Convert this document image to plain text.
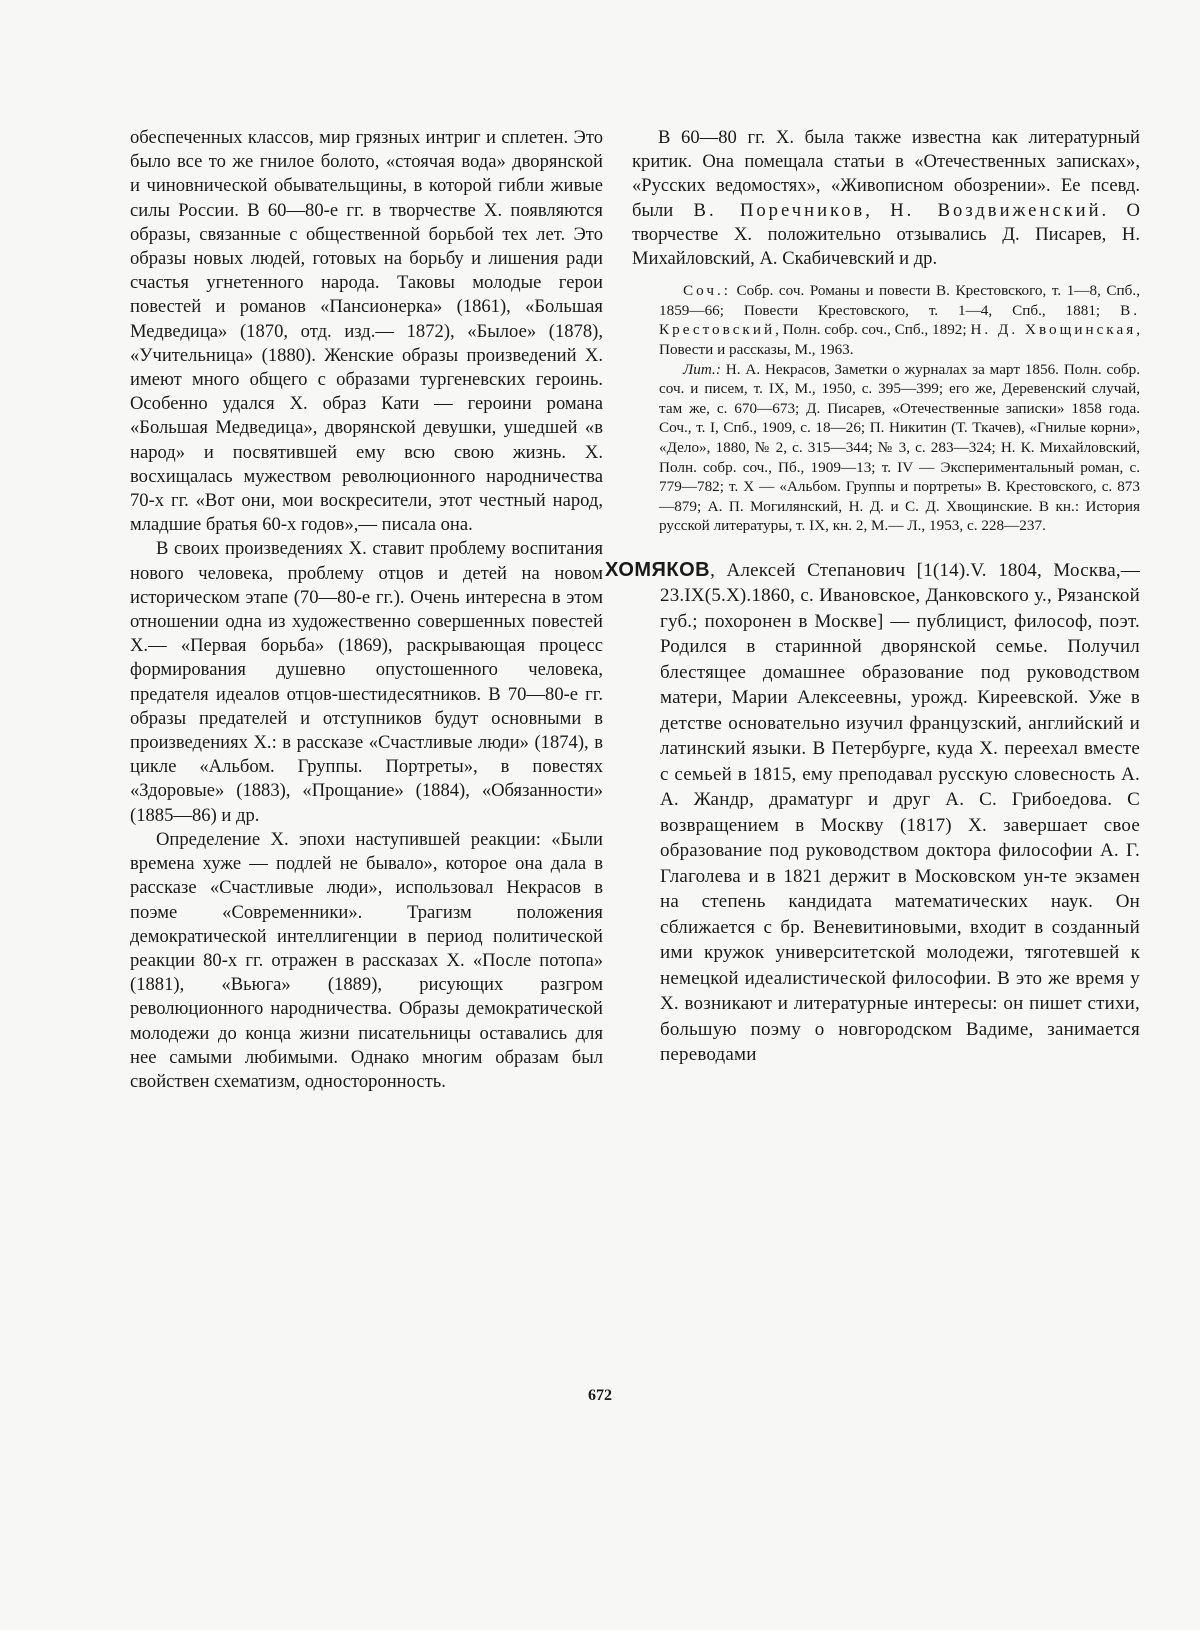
обеспеченных классов, мир грязных интриг и сплетен. Это было все то же гнилое болото, «стоячая вода» дворянской и чиновнической обывательщины, в которой гибли живые силы России. В 60—80-е гг. в творчестве Х. появляются образы, связанные с общественной борьбой тех лет. Это образы новых людей, готовых на борьбу и лишения ради счастья угнетенного народа. Таковы молодые герои повестей и романов «Пансионерка» (1861), «Большая Медведица» (1870, отд. изд.— 1872), «Былое» (1878), «Учительница» (1880). Женские образы произведений Х. имеют много общего с образами тургеневских героинь. Особенно удался Х. образ Кати — героини романа «Большая Медведица», дворянской девушки, ушедшей «в народ» и посвятившей ему всю свою жизнь. Х. восхищалась мужеством революционного народничества 70-х гг. «Вот они, мои воскресители, этот честный народ, младшие братья 60-х годов»,— писала она.

В своих произведениях Х. ставит проблему воспитания нового человека, проблему отцов и детей на новом историческом этапе (70—80-е гг.). Очень интересна в этом отношении одна из художественно совершенных повестей Х.— «Первая борьба» (1869), раскрывающая процесс формирования душевно опустошенного человека, предателя идеалов отцов-шестидесятников. В 70—80-е гг. образы предателей и отступников будут основными в произведениях Х.: в рассказе «Счастливые люди» (1874), в цикле «Альбом. Группы. Портреты», в повестях «Здоровые» (1883), «Прощание» (1884), «Обязанности» (1885—86) и др.

Определение Х. эпохи наступившей реакции: «Были времена хуже — подлей не бывало», которое она дала в рассказе «Счастливые люди», использовал Некрасов в поэме «Современники». Трагизм положения демократической интеллигенции в период политической реакции 80-х гг. отражен в рассказах Х. «После потопа» (1881), «Вьюга» (1889), рисующих разгром революционного народничества. Образы демократической молодежи до конца жизни писательницы оставались для нее самыми любимыми. Однако многим образам был свойствен схематизм, односторонность.

В 60—80 гг. Х. была также известна как литературный критик. Она помещала статьи в «Отечественных записках», «Русских ведомостях», «Живописном обозрении». Ее псевд. были В. Поречников, Н. Воздвиженский. О творчестве Х. положительно отзывались Д. Писарев, Н. Михайловский, А. Скабичевский и др.

Соч.: Собр. соч. Романы и повести В. Крестовского, т. 1—8, Спб., 1859—66; Повести Крестовского, т. 1—4, Спб., 1881; В. Крестовский, Полн. собр. соч., Спб., 1892; Н. Д. Хвощинская, Повести и рассказы, М., 1963.

Лит.: Н. А. Некрасов, Заметки о журналах за март 1856. Полн. собр. соч. и писем, т. IX, М., 1950, с. 395—399; его же, Деревенский случай, там же, с. 670—673; Д. Писарев, «Отечественные записки» 1858 года. Соч., т. I, Спб., 1909, с. 18—26; П. Никитин (Т. Ткачев), «Гнилые корни», «Дело», 1880, № 2, с. 315—344; № 3, с. 283—324; Н. К. Михайловский, Полн. собр. соч., Пб., 1909—13; т. IV — Экспериментальный роман, с. 779—782; т. Х — «Альбом. Группы и портреты» В. Крестовского, с. 873—879; А. П. Могилянский, Н. Д. и С. Д. Хвощинские. В кн.: История русской литературы, т. IX, кн. 2, М.— Л., 1953, с. 228—237.

ХОМЯКОВ, Алексей Степанович [1(14).V. 1804, Москва,— 23.IX(5.X).1860, с. Ивановское, Данковского у., Рязанской губ.; похоронен в Москве] — публицист, философ, поэт. Родился в старинной дворянской семье. Получил блестящее домашнее образование под руководством матери, Марии Алексеевны, урожд. Киреевской. Уже в детстве основательно изучил французский, английский и латинский языки. В Петербурге, куда Х. переехал вместе с семьей в 1815, ему преподавал русскую словесность А. А. Жандр, драматург и друг А. С. Грибоедова. С возвращением в Москву (1817) Х. завершает свое образование под руководством доктора философии А. Г. Глаголева и в 1821 держит в Московском ун-те экзамен на степень кандидата математических наук. Он сближается с бр. Веневитиновыми, входит в созданный ими кружок университетской молодежи, тяготевшей к немецкой идеалистической философии. В это же время у Х. возникают и литературные интересы: он пишет стихи, большую поэму о новгородском Вадиме, занимается переводами

672
